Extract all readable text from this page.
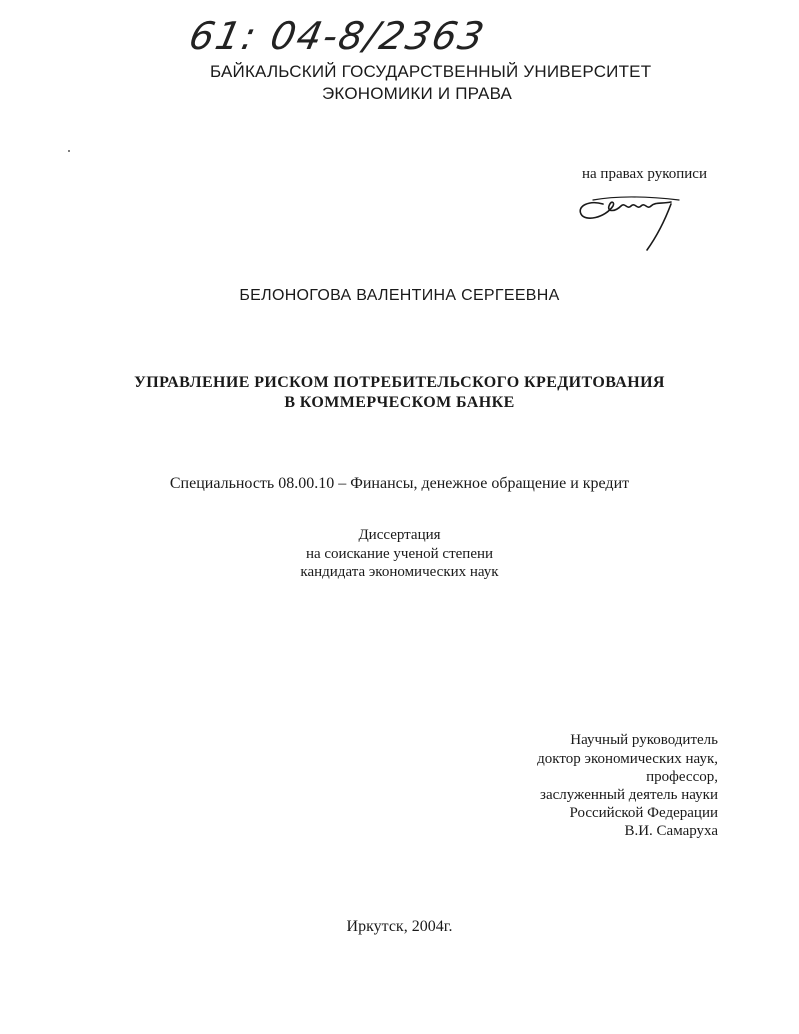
61: 04-8/2363
БАЙКАЛЬСКИЙ ГОСУДАРСТВЕННЫЙ УНИВЕРСИТЕТ
ЭКОНОМИКИ И ПРАВА
на правах рукописи
БЕЛОНОГОВА ВАЛЕНТИНА СЕРГЕЕВНА
УПРАВЛЕНИЕ РИСКОМ ПОТРЕБИТЕЛЬСКОГО КРЕДИТОВАНИЯ
В КОММЕРЧЕСКОМ БАНКЕ
Специальность 08.00.10 – Финансы, денежное обращение и кредит
Диссертация
на соискание ученой степени
кандидата экономических наук
Научный руководитель
доктор экономических наук,
профессор,
заслуженный деятель науки
Российской Федерации
В.И. Самаруха
Иркутск, 2004г.
